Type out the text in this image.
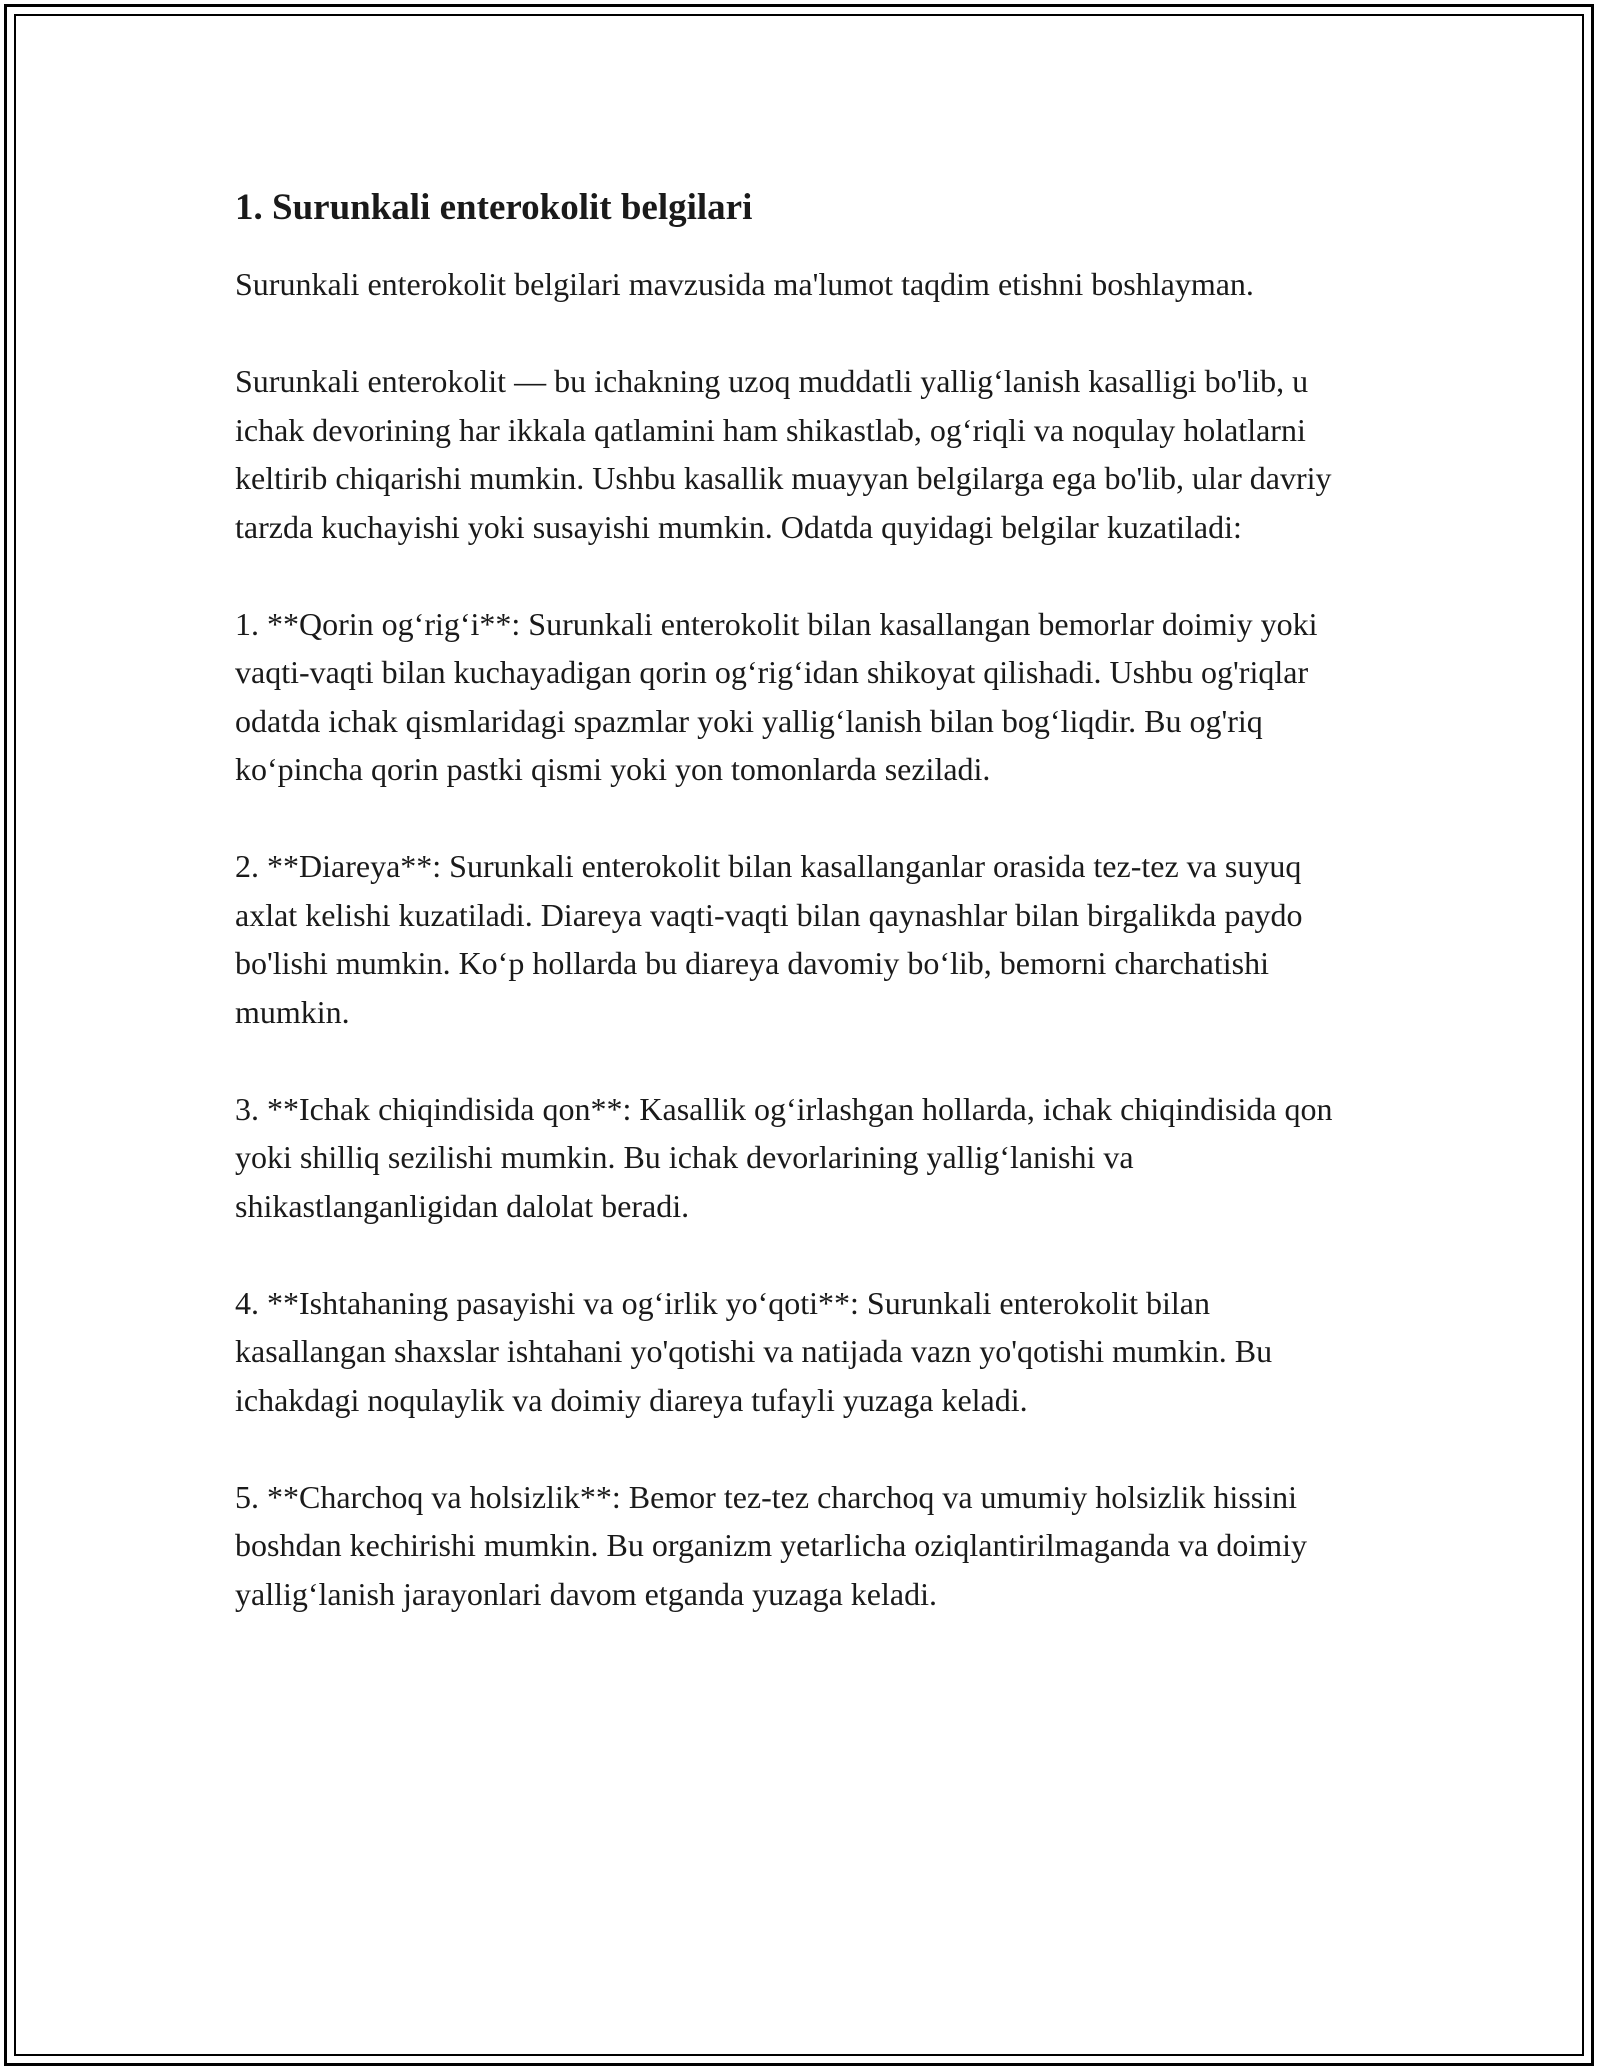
1. Surunkali enterokolit belgilari

Surunkali enterokolit belgilari mavzusida ma'lumot taqdim etishni boshlayman.

Surunkali enterokolit — bu ichakning uzoq muddatli yallig‘lanish kasalligi bo'lib, u ichak devorining har ikkala qatlamini ham shikastlab, og‘riqli va noqulay holatlarni keltirib chiqarishi mumkin. Ushbu kasallik muayyan belgilarga ega bo'lib, ular davriy tarzda kuchayishi yoki susayishi mumkin. Odatda quyidagi belgilar kuzatiladi:

1. **Qorin og‘rig‘i**: Surunkali enterokolit bilan kasallangan bemorlar doimiy yoki vaqti-vaqti bilan kuchayadigan qorin og‘rig‘idan shikoyat qilishadi. Ushbu og'riqlar odatda ichak qismlaridagi spazmlar yoki yallig‘lanish bilan bog‘liqdir. Bu og'riq ko‘pincha qorin pastki qismi yoki yon tomonlarda seziladi.

2. **Diareya**: Surunkali enterokolit bilan kasallanganlar orasida tez-tez va suyuq axlat kelishi kuzatiladi. Diareya vaqti-vaqti bilan qaynashlar bilan birgalikda paydo bo'lishi mumkin. Ko‘p hollarda bu diareya davomiy bo‘lib, bemorni charchatishi mumkin.

3. **Ichak chiqindisida qon**: Kasallik og‘irlashgan hollarda, ichak chiqindisida qon yoki shilliq sezilishi mumkin. Bu ichak devorlarining yallig‘lanishi va shikastlanganligidan dalolat beradi.

4. **Ishtahaning pasayishi va og‘irlik yo‘qoti**: Surunkali enterokolit bilan kasallangan shaxslar ishtahani yo'qotishi va natijada vazn yo'qotishi mumkin. Bu ichakdagi noqulaylik va doimiy diareya tufayli yuzaga keladi.

5. **Charchoq va holsizlik**: Bemor tez-tez charchoq va umumiy holsizlik hissini boshdan kechirishi mumkin. Bu organizm yetarlicha oziqlantirilmaganda va doimiy yallig‘lanish jarayonlari davom etganda yuzaga keladi.
